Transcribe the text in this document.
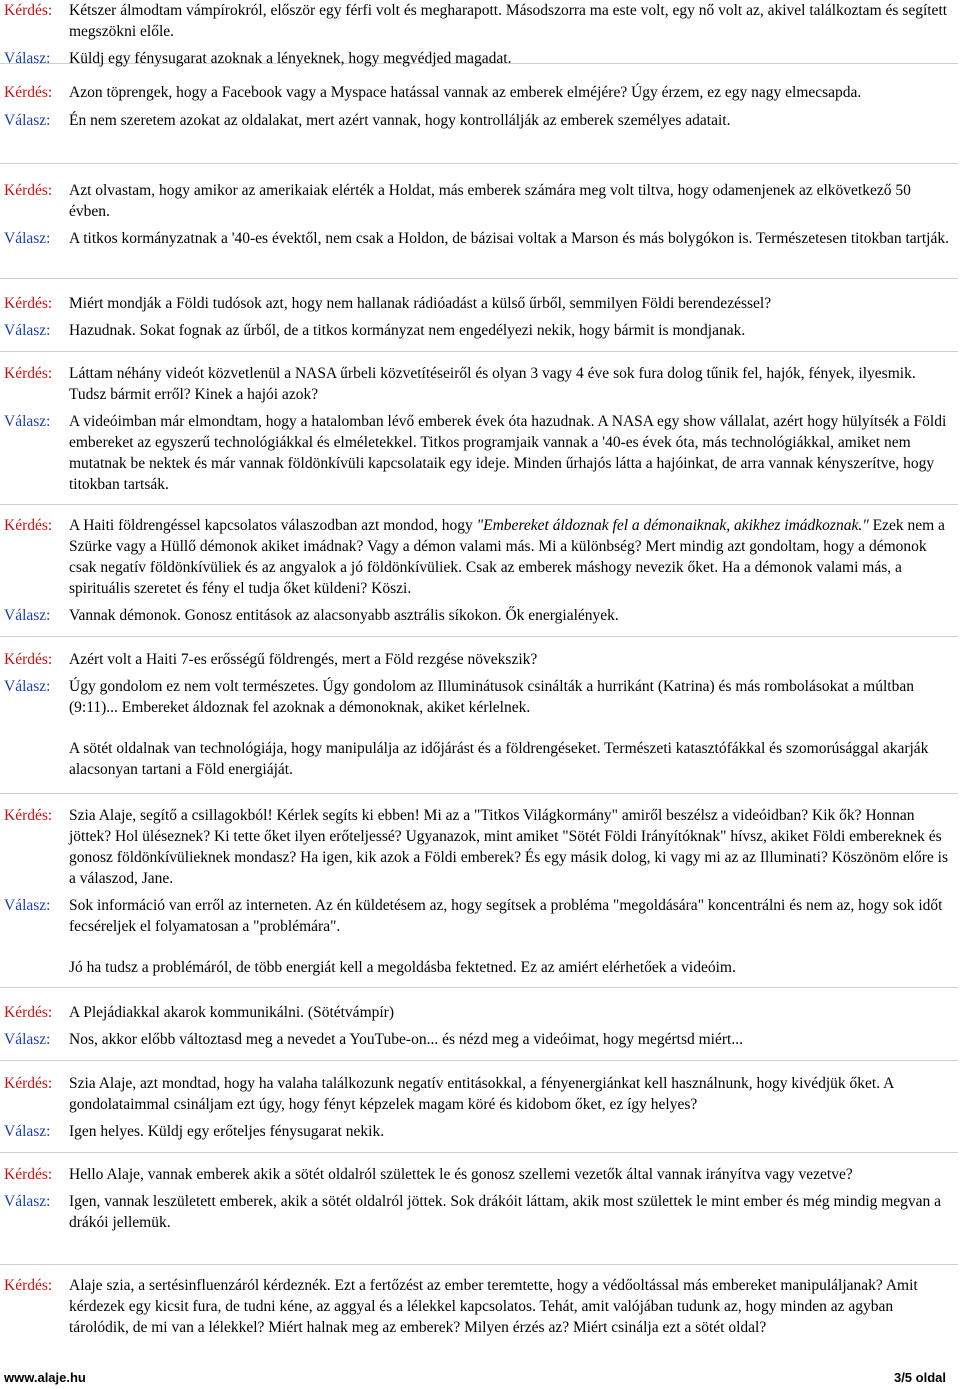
Kérdés:	Kétszer álmodtam vámpírokról, először egy férfi volt és megharapott. Másodszorra ma este volt, egy nő volt az, akivel találkoztam és segített megszökni előle.
Válasz:	Küldj egy fénysugarat azoknak a lényeknek, hogy megvédjed magadat.
Kérdés:	Azon töprengek, hogy a Facebook vagy a Myspace hatással vannak az emberek elméjére? Úgy érzem, ez egy nagy elmecsapda.
Válasz:	Én nem szeretem azokat az oldalakat, mert azért vannak, hogy kontrollálják az emberek személyes adatait.
Kérdés:	Azt olvastam, hogy amikor az amerikaiak elérték a Holdat, más emberek számára meg volt tiltva, hogy odamenjenek az elkövetkező 50 évben.
Válasz:	A titkos kormányzatnak a '40-es évektől, nem csak a Holdon, de bázisai voltak a Marson és más bolygókon is. Természetesen titokban tartják.
Kérdés:	Miért mondják a Földi tudósok azt, hogy nem hallanak rádióadást a külső űrből, semmilyen Földi berendezéssel?
Válasz:	Hazudnak. Sokat fognak az űrből, de a titkos kormányzat nem engedélyezi nekik, hogy bármit is mondjanak.
Kérdés:	Láttam néhány videót közvetlenül a NASA űrbeli közvetítéseiről és olyan 3 vagy 4 éve sok fura dolog tűnik fel, hajók, fények, ilyesmik. Tudsz bármit erről? Kinek a hajói azok?
Válasz:	A videóimban már elmondtam, hogy a hatalomban lévő emberek évek óta hazudnak. A NASA egy show vállalat, azért hogy hülyítsék a Földi embereket az egyszerű technológiákkal és elméletekkel. Titkos programjaik vannak a '40-es évek óta, más technológiákkal, amiket nem mutatnak be nektek és már vannak földönkívüli kapcsolataik egy ideje. Minden űrhajós látta a hajóinkat, de arra vannak kényszerítve, hogy titokban tartsák.
Kérdés:	A Haiti földrengéssel kapcsolatos válaszodban azt mondod, hogy "Embereket áldoznak fel a démonaiknak, akikhez imádkoznak." Ezek nem a Szürke vagy a Hüllő démonok akiket imádnak? Vagy a démon valami más. Mi a különbség? Mert mindig azt gondoltam, hogy a démonok csak negatív földönkívüliek és az angyalok a jó földönkívüliek. Csak az emberek máshogy nevezik őket. Ha a démonok valami más, a spirituális szeretet és fény el tudja őket küldeni? Köszi.
Válasz:	Vannak démonok. Gonosz entitások az alacsonyabb asztrális síkokon. Ők energialények.
Kérdés:	Azért volt a Haiti 7-es erősségű földrengés, mert a Föld rezgése növekszik?
Válasz:	Úgy gondolom ez nem volt természetes. Úgy gondolom az Illuminátusok csinálták a hurrikánt (Katrina) és más rombolásokat a múltban (9:11)... Embereket áldoznak fel azoknak a démonoknak, akiket kérlelnek.
A sötét oldalnak van technológiája, hogy manipulálja az időjárást és a földrengéseket. Természeti katasztófákkal és szomorúsággal akarják alacsonyan tartani a Föld energiáját.
Kérdés:	Szia Alaje, segítő a csillagokból! Kérlek segíts ki ebben! Mi az a "Titkos Világkormány" amiről beszélsz a videóidban? Kik ők? Honnan jöttek? Hol üléseznek? Ki tette őket ilyen erőteljessé? Ugyanazok, mint amiket "Sötét Földi Irányítóknak" hívsz, akiket Földi embereknek és gonosz földönkívülieknek mondasz? Ha igen, kik azok a Földi emberek? És egy másik dolog, ki vagy mi az az Illuminati? Köszönöm előre is a válaszod, Jane.
Válasz:	Sok információ van erről az interneten. Az én küldetésem az, hogy segítsek a probléma "megoldására" koncentrálni és nem az, hogy sok időt fecséreljek el folyamatosan a "problémára".
Jó ha tudsz a problémáról, de több energiát kell a megoldásba fektetned. Ez az amiért elérhetőek a videóim.
Kérdés:	A Plejádiakkal akarok kommunikálni. (Sötétvámpír)
Válasz:	Nos, akkor előbb változtasd meg a nevedet a YouTube-on... és nézd meg a videóimat, hogy megértsd miért...
Kérdés:	Szia Alaje, azt mondtad, hogy ha valaha találkozunk negatív entitásokkal, a fényenergiánkat kell használnunk, hogy kivédjük őket. A gondolataimmal csináljam ezt úgy, hogy fényt képzelek magam köré és kidobom őket, ez így helyes?
Válasz:	Igen helyes. Küldj egy erőteljes fénysugarat nekik.
Kérdés:	Hello Alaje, vannak emberek akik a sötét oldalról születtek le és gonosz szellemi vezetők által vannak irányítva vagy vezetve?
Válasz:	Igen, vannak leszületett emberek, akik a sötét oldalról jöttek. Sok drákóit láttam, akik most születtek le mint ember és még mindig megvan a drákói jellemük.
Kérdés:	Alaje szia, a sertésinfluenzáról kérdeznék. Ezt a fertőzést az ember teremtette, hogy a védőoltással más embereket manipuláljanak? Amit kérdezek egy kicsit fura, de tudni kéne, az aggyal és a lélekkel kapcsolatos. Tehát, amit valójában tudunk az, hogy minden az agyban tárolódik, de mi van a lélekkel? Miért halnak meg az emberek? Milyen érzés az? Miért csinálja ezt a sötét oldal?
www.alaje.hu	3/5 oldal
